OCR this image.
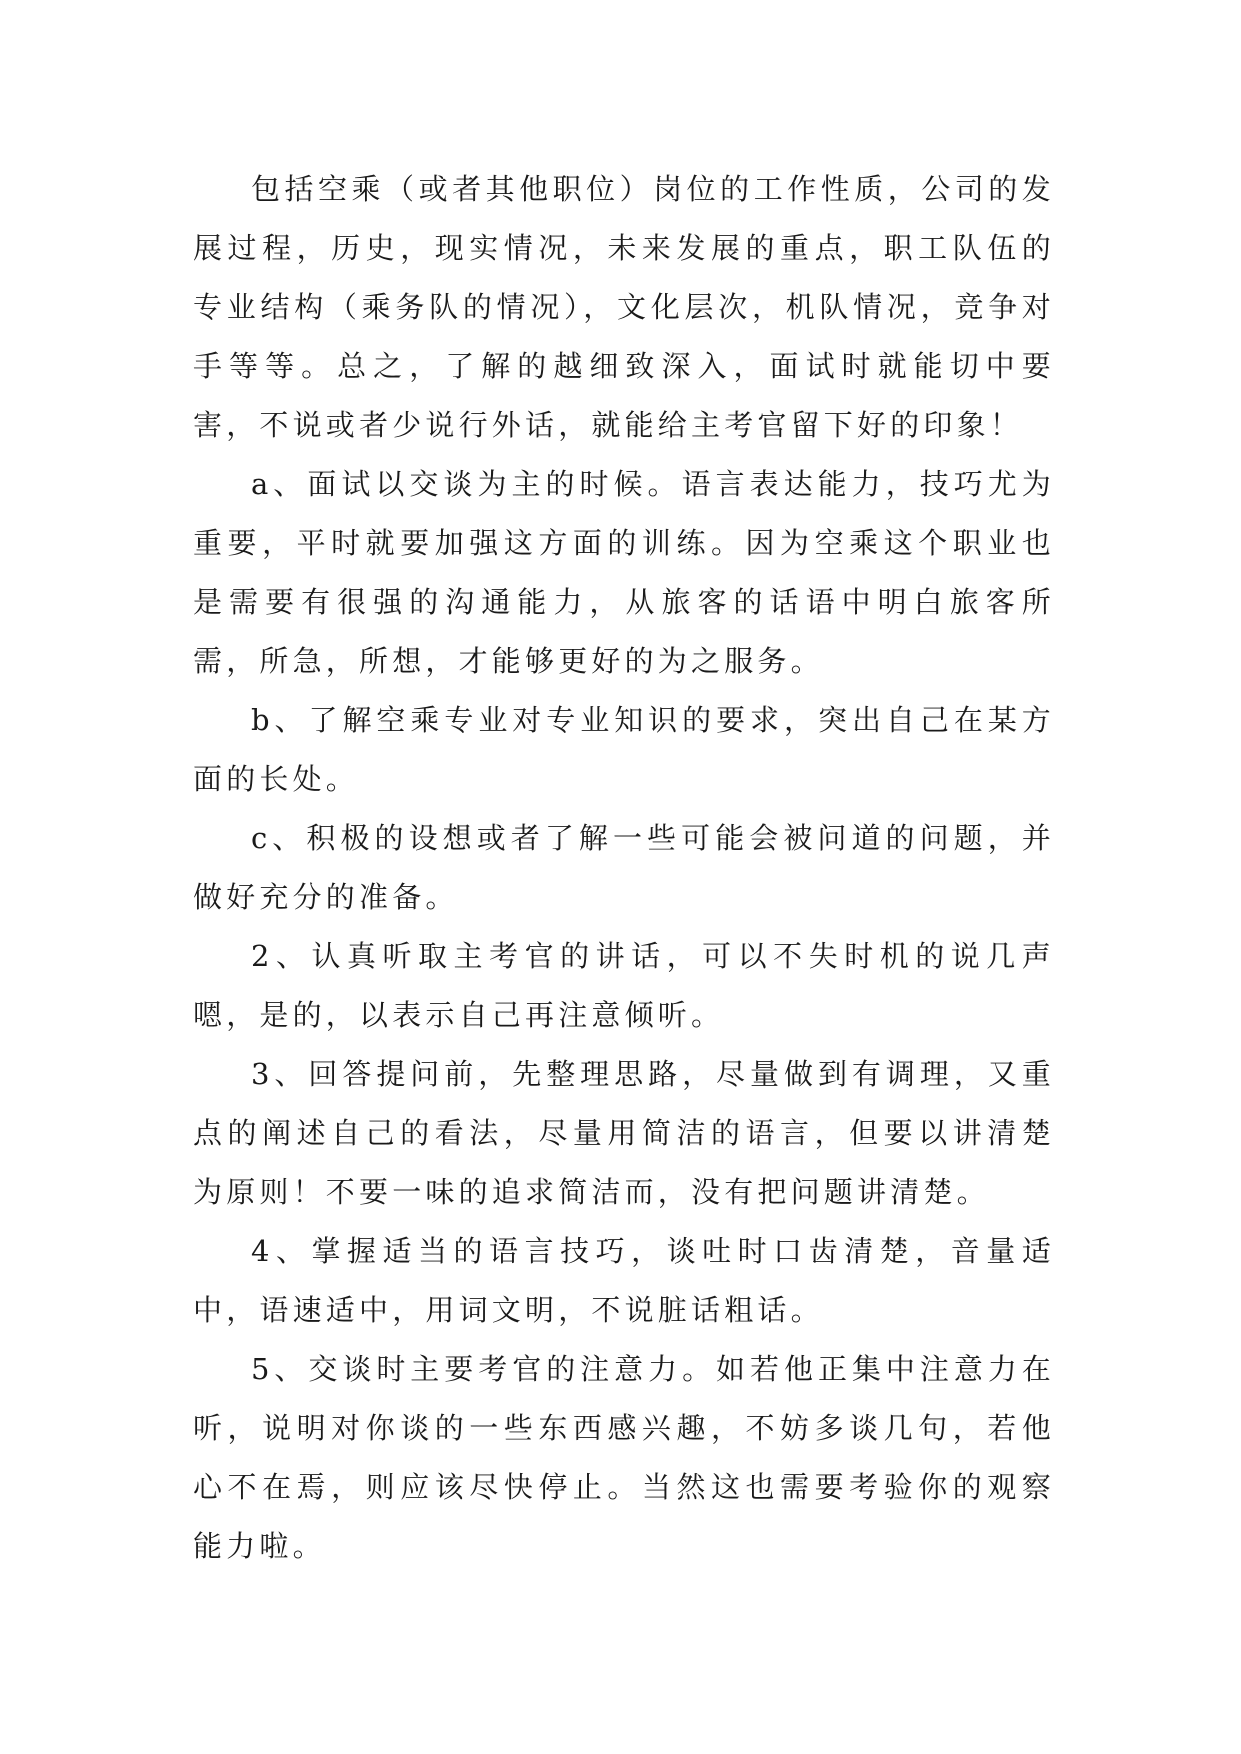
包括空乘（或者其他职位）岗位的工作性质，公司的发展过程，历史，现实情况，未来发展的重点，职工队伍的专业结构（乘务队的情况），文化层次，机队情况，竞争对手等等。总之，了解的越细致深入，面试时就能切中要害，不说或者少说行外话，就能给主考官留下好的印象！

a、面试以交谈为主的时候。语言表达能力，技巧尤为重要，平时就要加强这方面的训练。因为空乘这个职业也是需要有很强的沟通能力，从旅客的话语中明白旅客所需，所急，所想，才能够更好的为之服务。

b、了解空乘专业对专业知识的要求，突出自己在某方面的长处。

c、积极的设想或者了解一些可能会被问道的问题，并做好充分的准备。

2、认真听取主考官的讲话，可以不失时机的说几声嗯，是的，以表示自己再注意倾听。

3、回答提问前，先整理思路，尽量做到有调理，又重点的阐述自己的看法，尽量用简洁的语言，但要以讲清楚为原则！不要一味的追求简洁而，没有把问题讲清楚。

4、掌握适当的语言技巧，谈吐时口齿清楚，音量适中，语速适中，用词文明，不说脏话粗话。

5、交谈时主要考官的注意力。如若他正集中注意力在听，说明对你谈的一些东西感兴趣，不妨多谈几句，若他心不在焉，则应该尽快停止。当然这也需要考验你的观察能力啦。
